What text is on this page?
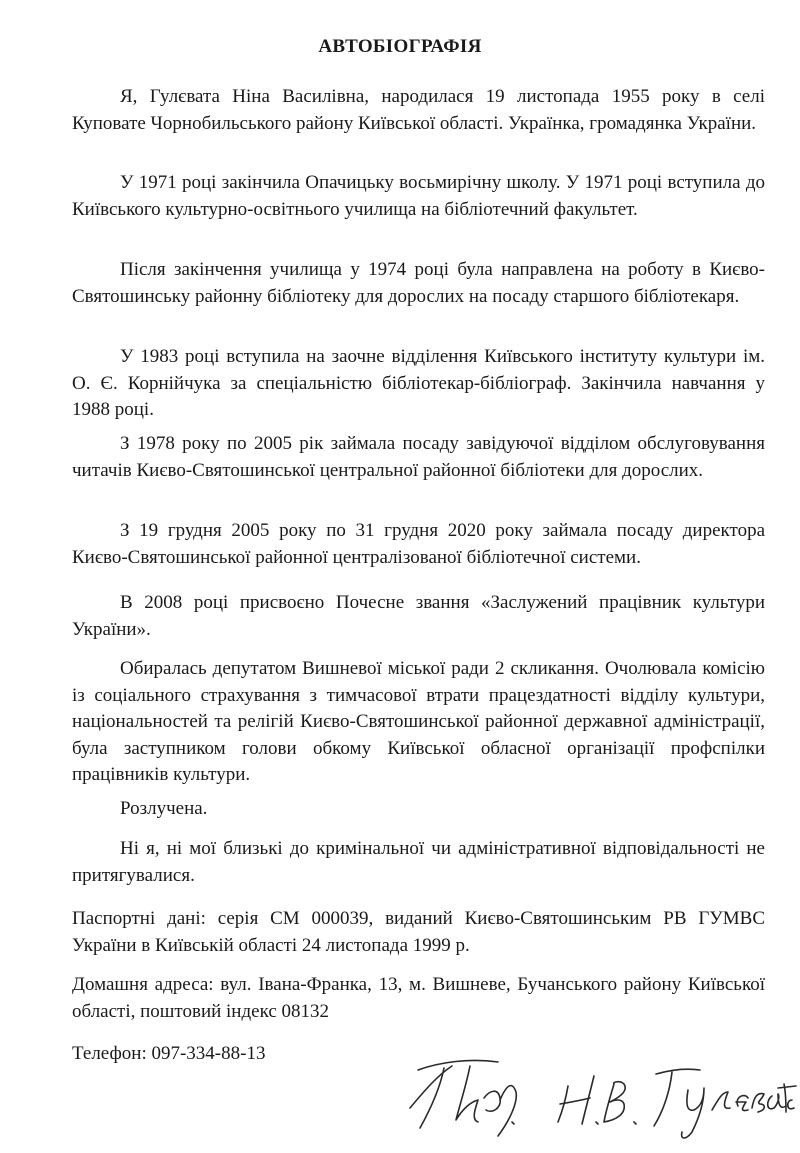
АВТОБІОГРАФІЯ

Я, Гулєвата Ніна Василівна, народилася 19 листопада 1955 року в селі Куповате Чорнобильського району Київської області. Українка, громадянка України.

У 1971 році закінчила Опачицьку восьмирічну школу. У 1971 році вступила до Київського культурно-освітнього училища на бібліотечний факультет.

Після закінчення училища у 1974 році була направлена на роботу в Києво-Святошинську районну бібліотеку для дорослих на посаду старшого бібліотекаря.

У 1983 році вступила на заочне відділення Київського інституту культури ім. О. Є. Корнійчука за спеціальністю бібліотекар-бібліограф. Закінчила навчання у 1988 році.

З 1978 року по 2005 рік займала посаду завідуючої відділом обслуговування читачів Києво-Святошинської центральної районної бібліотеки для дорослих.

З 19 грудня 2005 року по 31 грудня 2020 року займала посаду директора Києво-Святошинської районної централізованої бібліотечної системи.

В 2008 році присвоєно Почесне звання «Заслужений працівник культури України».

Обиралась депутатом Вишневої міської ради 2 скликання. Очолювала комісію із соціального страхування з тимчасової втрати працездатності відділу культури, національностей та релігій Києво-Святошинської районної державної адміністрації, була заступником голови обкому Київської обласної організації профспілки працівників культури.

Розлучена.

Ні я, ні мої близькі до кримінальної чи адміністративної відповідальності не притягувалися.

Паспортні дані: серія СМ 000039, виданий Києво-Святошинським РВ ГУМВС України в Київській області 24 листопада 1999 р.

Домашня адреса: вул. Івана-Франка, 13, м. Вишневе, Бучанського району Київської області, поштовий індекс 08132

Телефон: 097-334-88-13
